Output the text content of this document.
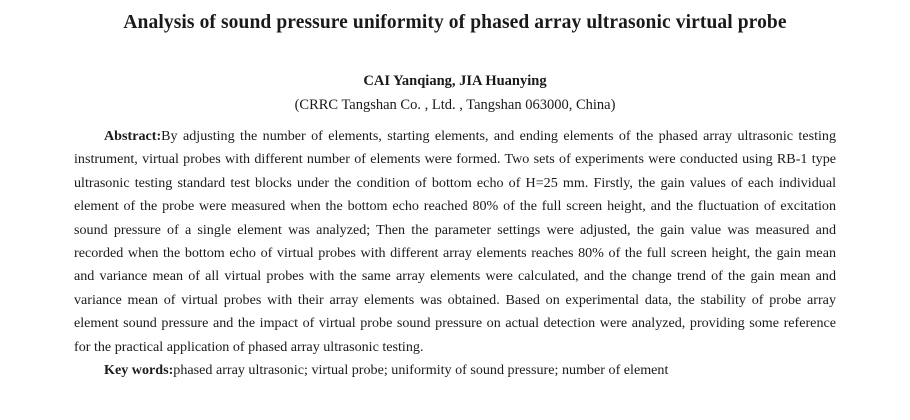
Analysis of sound pressure uniformity of phased array ultrasonic virtual probe

CAI Yanqiang, JIA Huanying

(CRRC Tangshan Co. , Ltd. , Tangshan 063000, China)

Abstract:By adjusting the number of elements, starting elements, and ending elements of the phased array ultrasonic testing instrument, virtual probes with different number of elements were formed. Two sets of experiments were conducted using RB-1 type ultrasonic testing standard test blocks under the condition of bottom echo of H=25 mm. Firstly, the gain values of each individual element of the probe were measured when the bottom echo reached 80% of the full screen height, and the fluctuation of excitation sound pressure of a single element was analyzed; Then the parameter settings were adjusted, the gain value was measured and recorded when the bottom echo of virtual probes with different array elements reaches 80% of the full screen height, the gain mean and variance mean of all virtual probes with the same array elements were calculated, and the change trend of the gain mean and variance mean of virtual probes with their array elements was obtained. Based on experimental data, the stability of probe array element sound pressure and the impact of virtual probe sound pressure on actual detection were analyzed, providing some reference for the practical application of phased array ultrasonic testing.

Key words:phased array ultrasonic; virtual probe; uniformity of sound pressure; number of element
